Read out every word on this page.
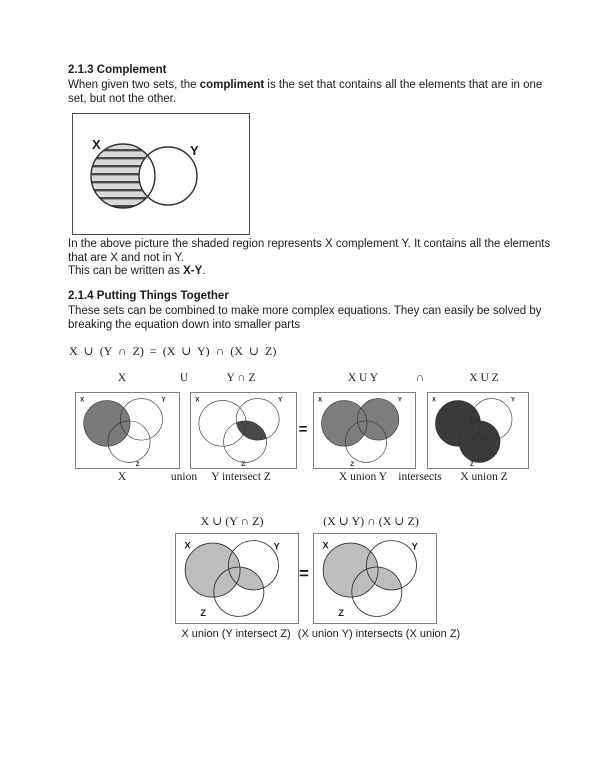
2.1.3 Complement

When given two sets, the compliment is the set that contains all the elements that are in one set, but not the other.

X	Y

In the above picture the shaded region represents X complement Y. It contains all the elements that are X and not in Y.

This can be written as X-Y.

2.1.4 Putting Things Together

These sets can be combined to make more complex equations. They can easily be solved by breaking the equation down into smaller parts

X ∪ (Y ∩ Z) = (X ∪ Y) ∩ (X ∪ Z)

X	U	Y ∩ Z	X U Y	∩	X U Z
X	Y
Z
X	Y
Z
=
X	Y
Z
X	Y
Z
X	union Y intersect Z	X union Y intersects X union Z
X ∪ (Y ∩ Z)	(X ∪ Y) ∩ (X ∪ Z)
X	Y
Z
=
X	Y
Z
X union (Y intersect Z) (X union Y) intersects (X union Z)
